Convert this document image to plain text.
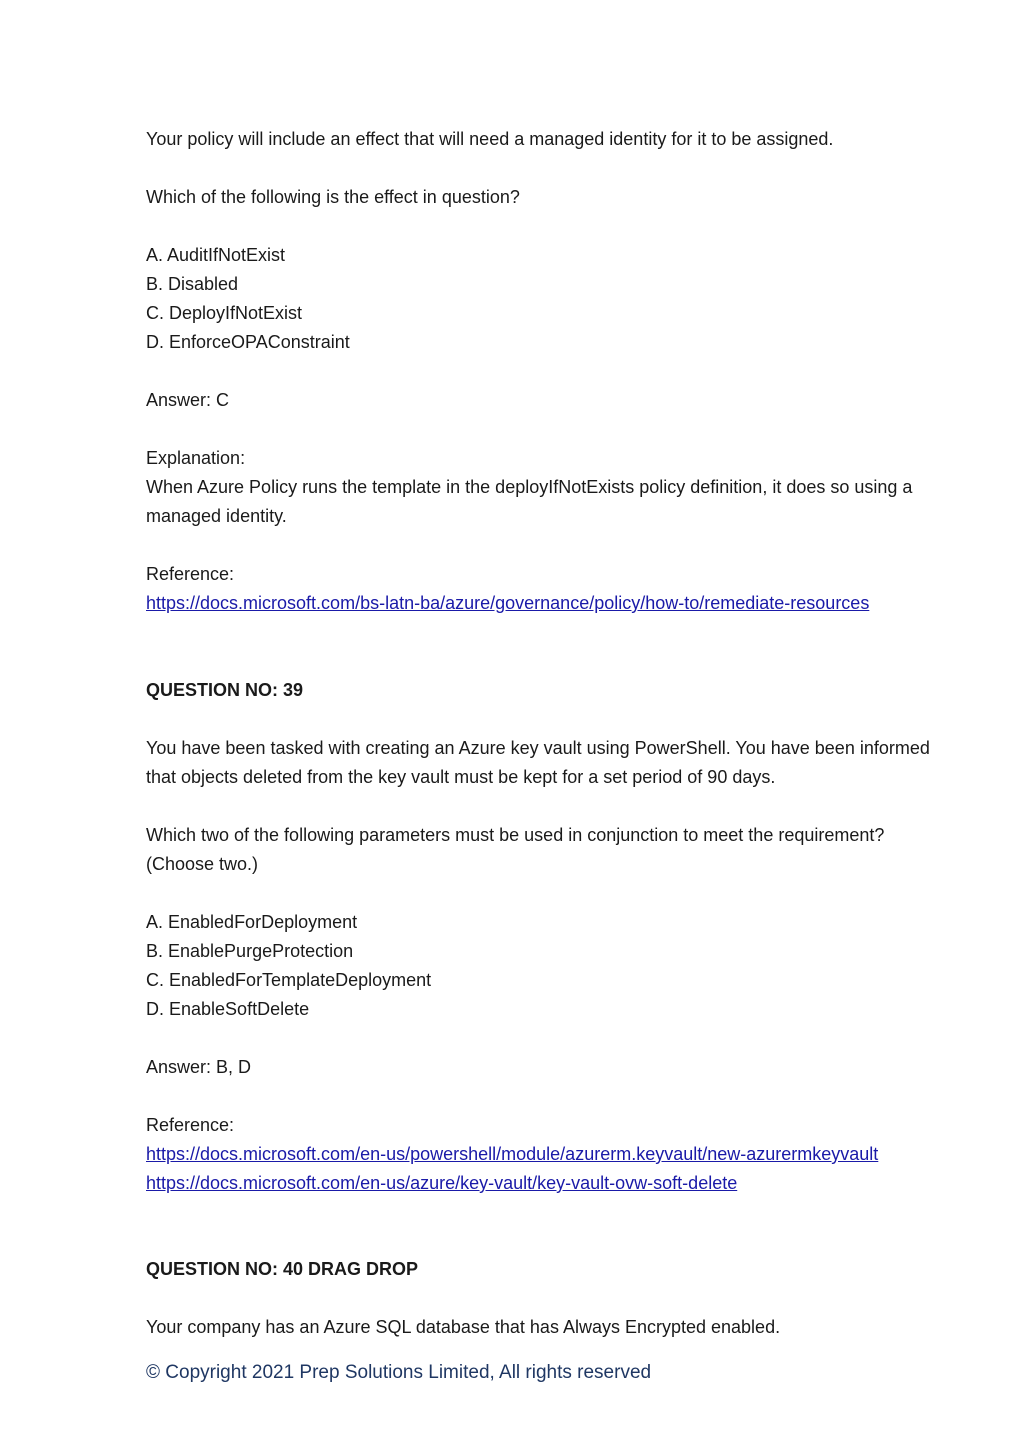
Your policy will include an effect that will need a managed identity for it to be assigned.

Which of the following is the effect in question?

A. AuditIfNotExist

B. Disabled

C. DeployIfNotExist

D. EnforceOPAConstraint

Answer: C

Explanation:

When Azure Policy runs the template in the deployIfNotExists policy definition, it does so using a

managed identity.

Reference:

https://docs.microsoft.com/bs-latn-ba/azure/governance/policy/how-to/remediate-resources

QUESTION NO: 39

You have been tasked with creating an Azure key vault using PowerShell. You have been informed

that objects deleted from the key vault must be kept for a set period of 90 days.

Which two of the following parameters must be used in conjunction to meet the requirement?

(Choose two.)

A. EnabledForDeployment

B. EnablePurgeProtection

C. EnabledForTemplateDeployment

D. EnableSoftDelete

Answer: B, D

Reference:

https://docs.microsoft.com/en-us/powershell/module/azurerm.keyvault/new-azurermkeyvault

https://docs.microsoft.com/en-us/azure/key-vault/key-vault-ovw-soft-delete

QUESTION NO: 40 DRAG DROP

Your company has an Azure SQL database that has Always Encrypted enabled.

© Copyright 2021 Prep Solutions Limited, All rights reserved
